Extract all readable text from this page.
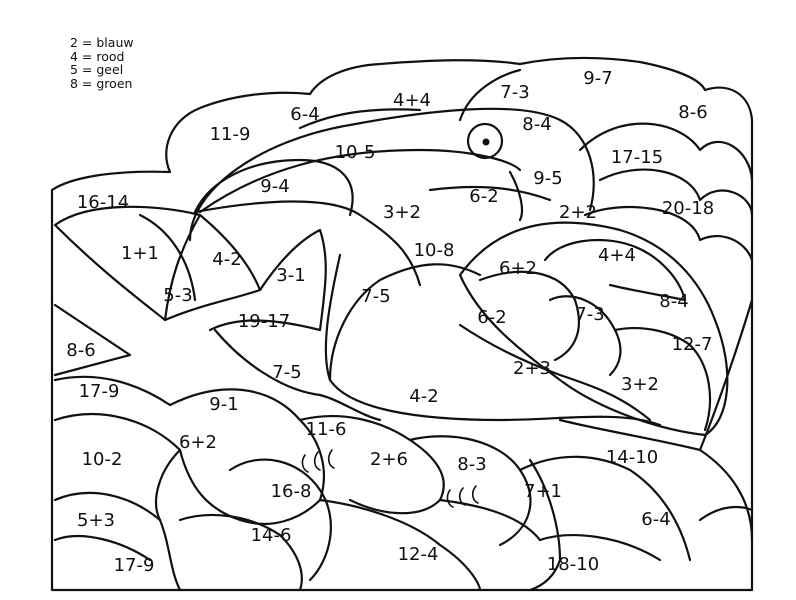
2 = blauw
4 = rood
5 = geel
8 = groen	9-7
7-3
4+4
6-4	8-6
8-4
11-9
10-5	17-15
9-5
9-4	6-2
16-14	3+2	2+2	20-18
10-8
1+1	4-2	4+4
6+2
3-1
5-3	7-5	8-4
19-17	7-3
6-2
8-6	12-7
7-5	2+3
17-9	3+2
9-1	4-2
11-6
6+2
10-2	2+6	8-3	14-10
16-8	7+1
5+3	6-4
14-6
12-4
17-9	18-10
